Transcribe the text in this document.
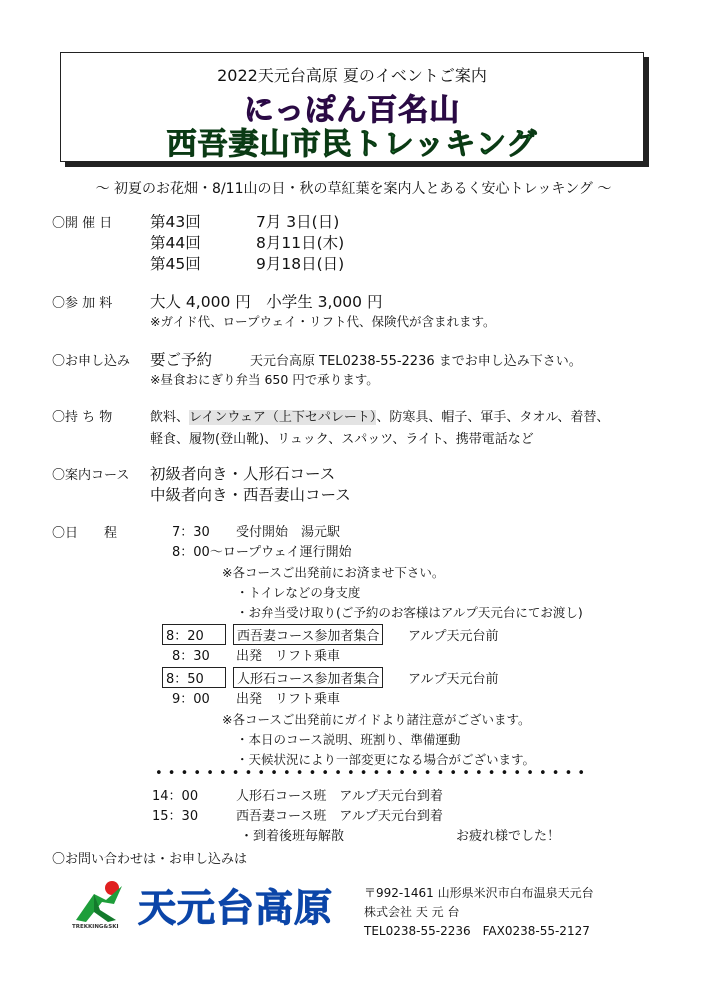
2022天元台高原 夏のイベントご案内
にっぽん百名山
西吾妻山市民トレッキング
～ 初夏のお花畑・8/11山の日・秋の草紅葉を案内人とあるく安心トレッキング ～
〇開 催 日 第43回	7月 3日(日)
第44回	8月11日(木)
第45回	9月18日(日)
〇参 加 料 大人 4,000 円　小学生 3,000 円
※ガイド代、ロープウェイ・リフト代、保険代が含まれます。
〇お申し込み 要ご予約	天元台高原 TEL0238-55-2236 までお申し込み下さい。
※昼食おにぎり弁当 650 円で承ります。
〇持 ち 物	飲料、レインウェア（上下セパレート）、防寒具、帽子、軍手、タオル、着替、
軽食、履物(登山靴)、リュック、スパッツ、ライト、携帯電話など
〇案内コース 初級者向き・人形石コース
中級者向き・西吾妻山コース
〇日　　程	7：30 受付開始　湯元駅
8：00～ロープウェイ運行開始
※各コースご出発前にお済ませ下さい。
・トイレなどの身支度
・お弁当受け取り(ご予約のお客様はアルプ天元台にてお渡し)
8：20	西吾妻コース参加者集合	アルプ天元台前
8：30 出発　リフト乗車
8：50	人形石コース参加者集合	アルプ天元台前
9：00 出発　リフト乗車
※各コースご出発前にガイドより諸注意がございます。
・本日のコース説明、班割り、準備運動
・天候状況により一部変更になる場合がございます。
• • • • • • • • • • • • • • • • • • • • • • • • • • • • • • • • • •
14：00	人形石コース班　アルプ天元台到着
15：30	西吾妻コース班　アルプ天元台到着
・到着後班毎解散	お疲れ様でした！
〇お問い合わせは・お申し込みは
TREKKING&SKI 天元台高原	〒992-1461 山形県米沢市白布温泉天元台
株式会社 天 元 台
TEL0238-55-2236　FAX0238-55-2127
